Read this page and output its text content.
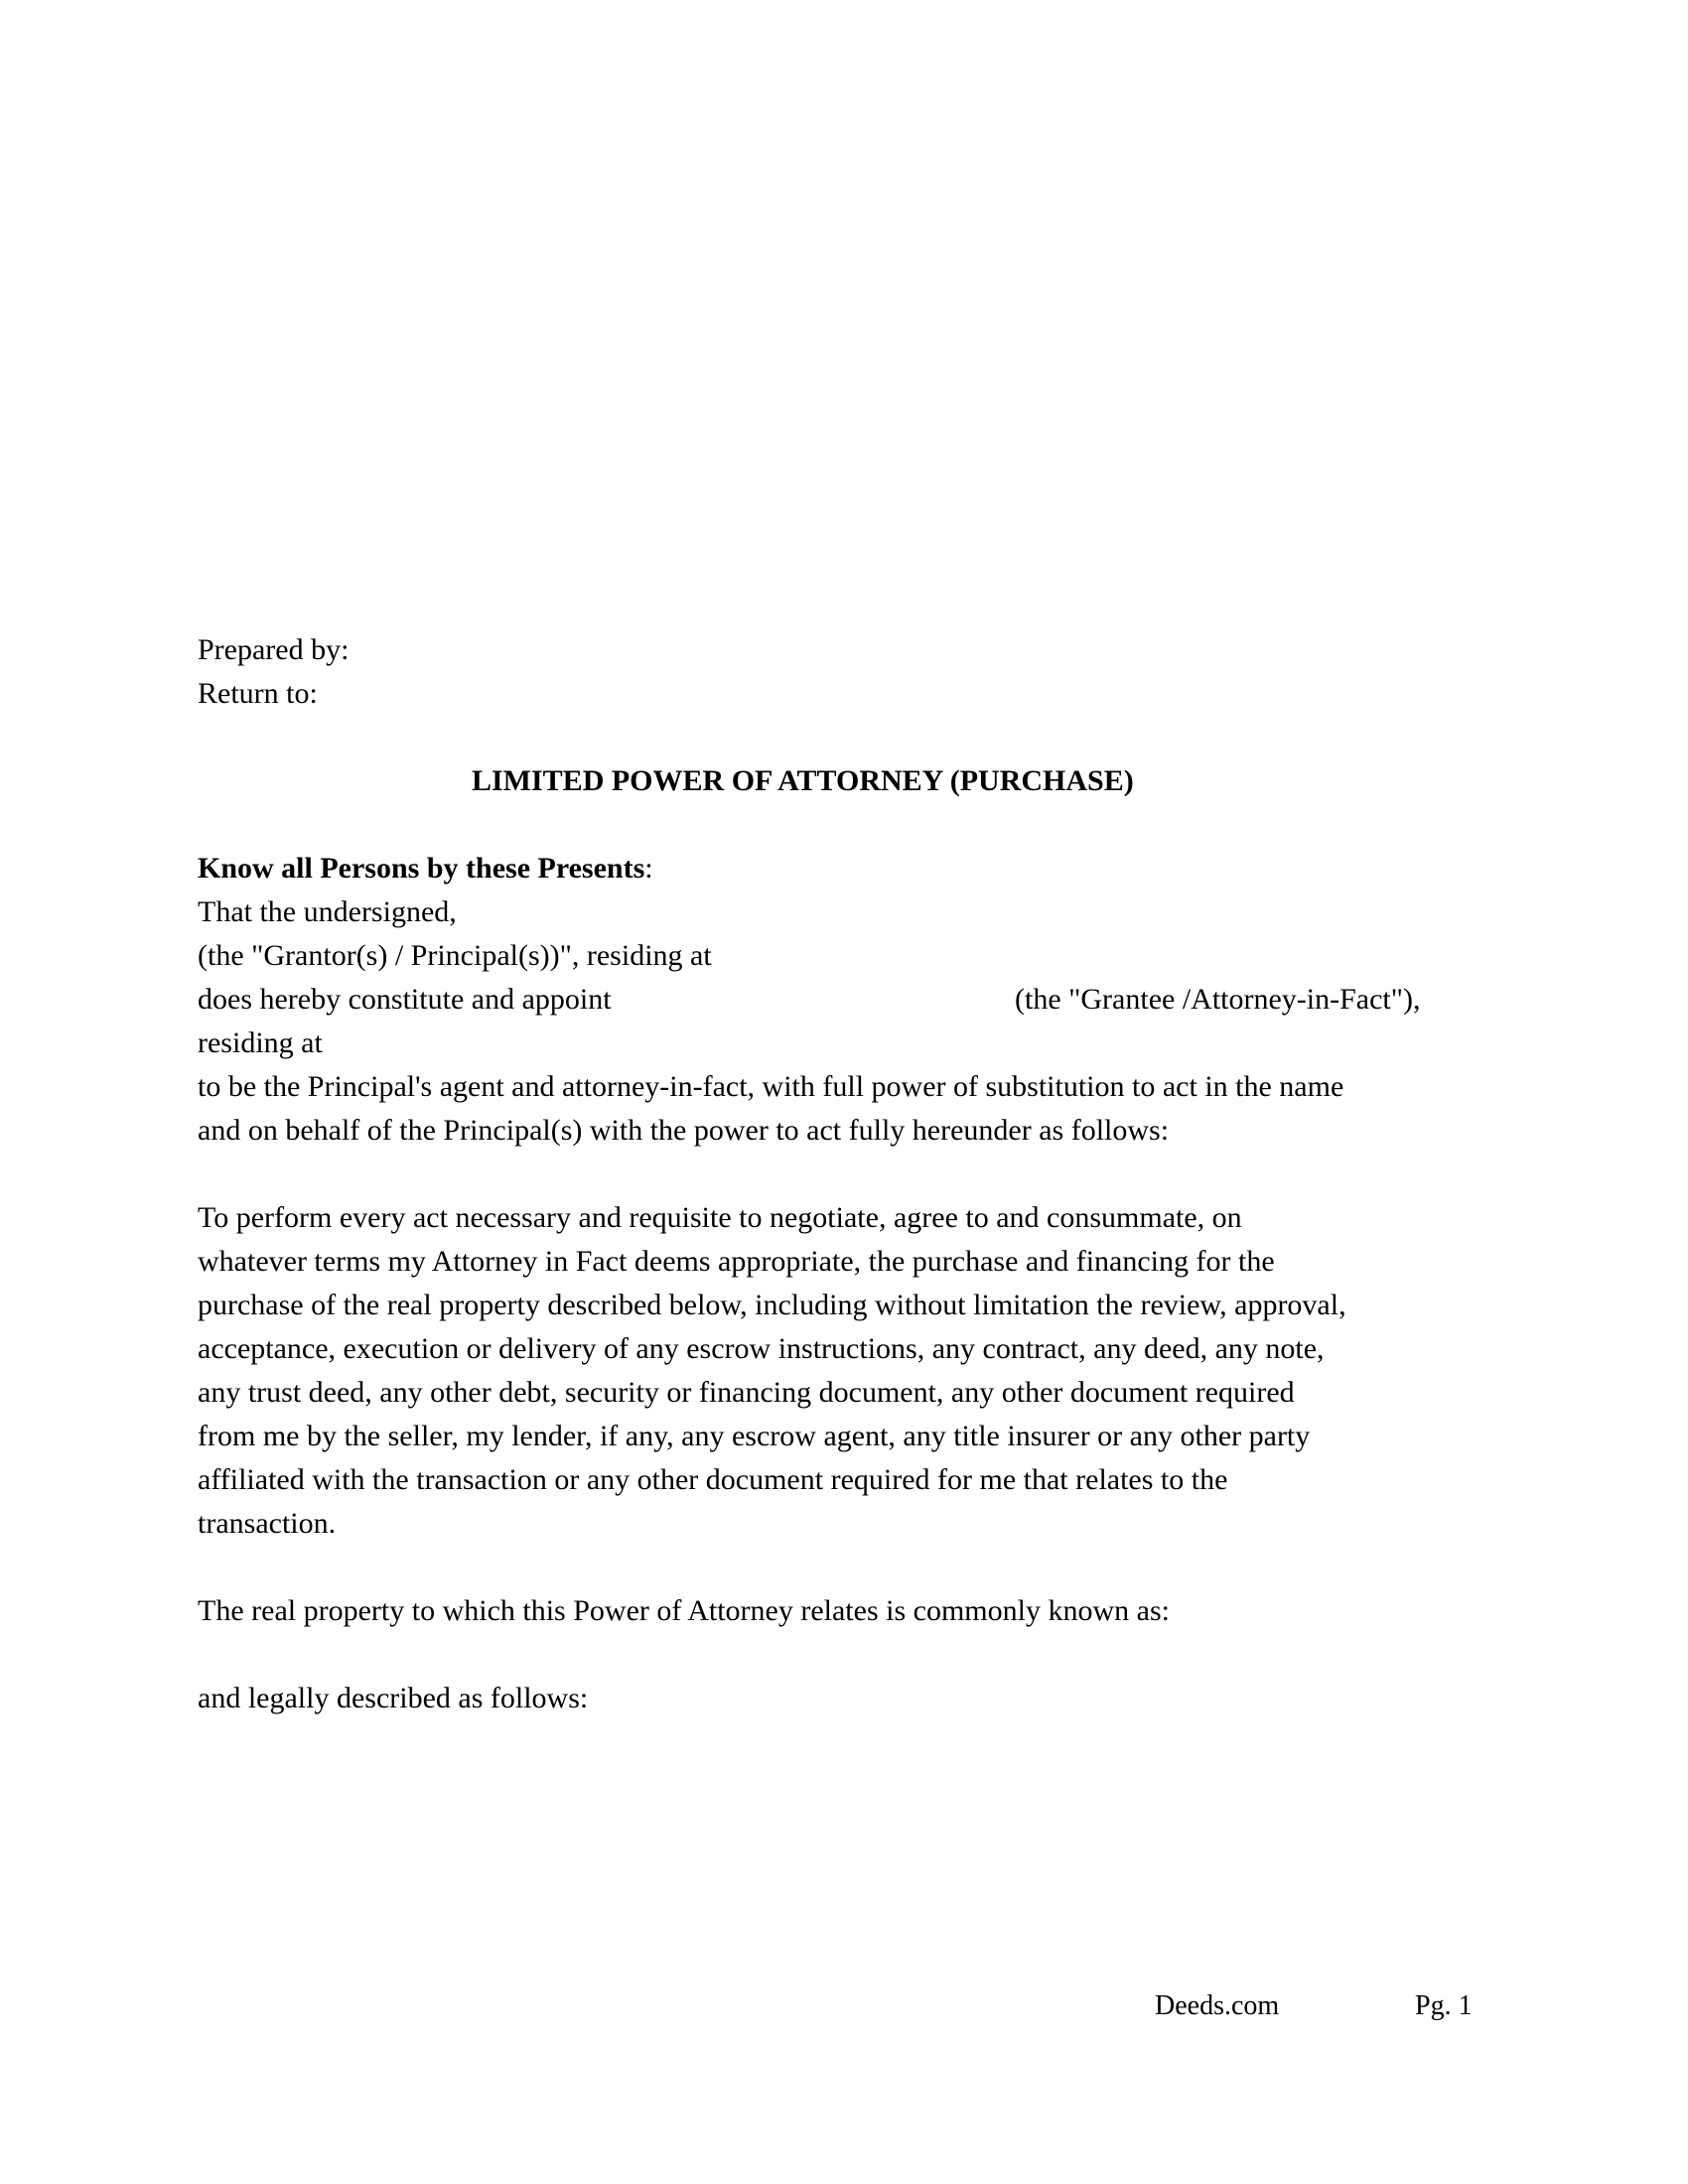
Prepared by:
Return to:
LIMITED POWER OF ATTORNEY (PURCHASE)
Know all Persons by these Presents:
That the undersigned,
(the "Grantor(s) / Principal(s))", residing at
does hereby constitute and appoint	(the "Grantee /Attorney-in-Fact"),
residing at
to be the Principal's agent and attorney-in-fact, with full power of substitution to act in the name
and on behalf of the Principal(s) with the power to act fully hereunder as follows:
To perform every act necessary and requisite to negotiate, agree to and consummate, on
whatever terms my Attorney in Fact deems appropriate, the purchase and financing for the
purchase of the real property described below, including without limitation the review, approval,
acceptance, execution or delivery of any escrow instructions, any contract, any deed, any note,
any trust deed, any other debt, security or financing document, any other document required
from me by the seller, my lender, if any, any escrow agent, any title insurer or any other party
affiliated with the transaction or any other document required for me that relates to the
transaction.
The real property to which this Power of Attorney relates is commonly known as:
and legally described as follows:
Deeds.com	Pg. 1
